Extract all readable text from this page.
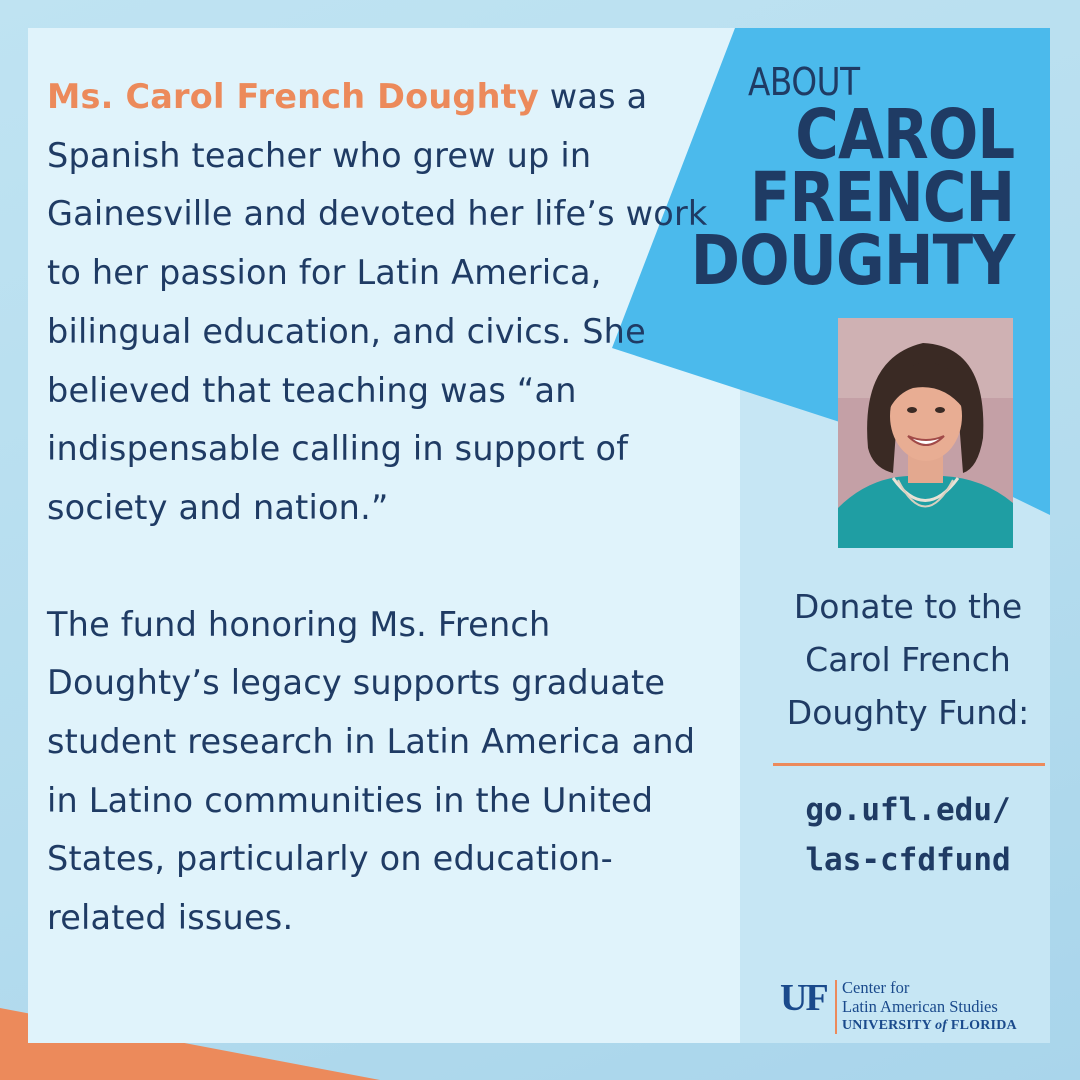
Ms. Carol French Doughty was a Spanish teacher who grew up in Gainesville and devoted her life’s work to her passion for Latin America, bilingual education, and civics. She believed that teaching was “an indispensable calling in support of society and nation.”

The fund honoring Ms. French Doughty’s legacy supports graduate student research in Latin America and in Latino communities in the United States, particularly on education-related issues.

ABOUT
CAROL
FRENCH
DOUGHTY
Donate to the
Carol French
Doughty Fund:
go.ufl.edu/
las-cfdfund
UF Center for
Latin American Studies
UNIVERSITY of FLORIDA
